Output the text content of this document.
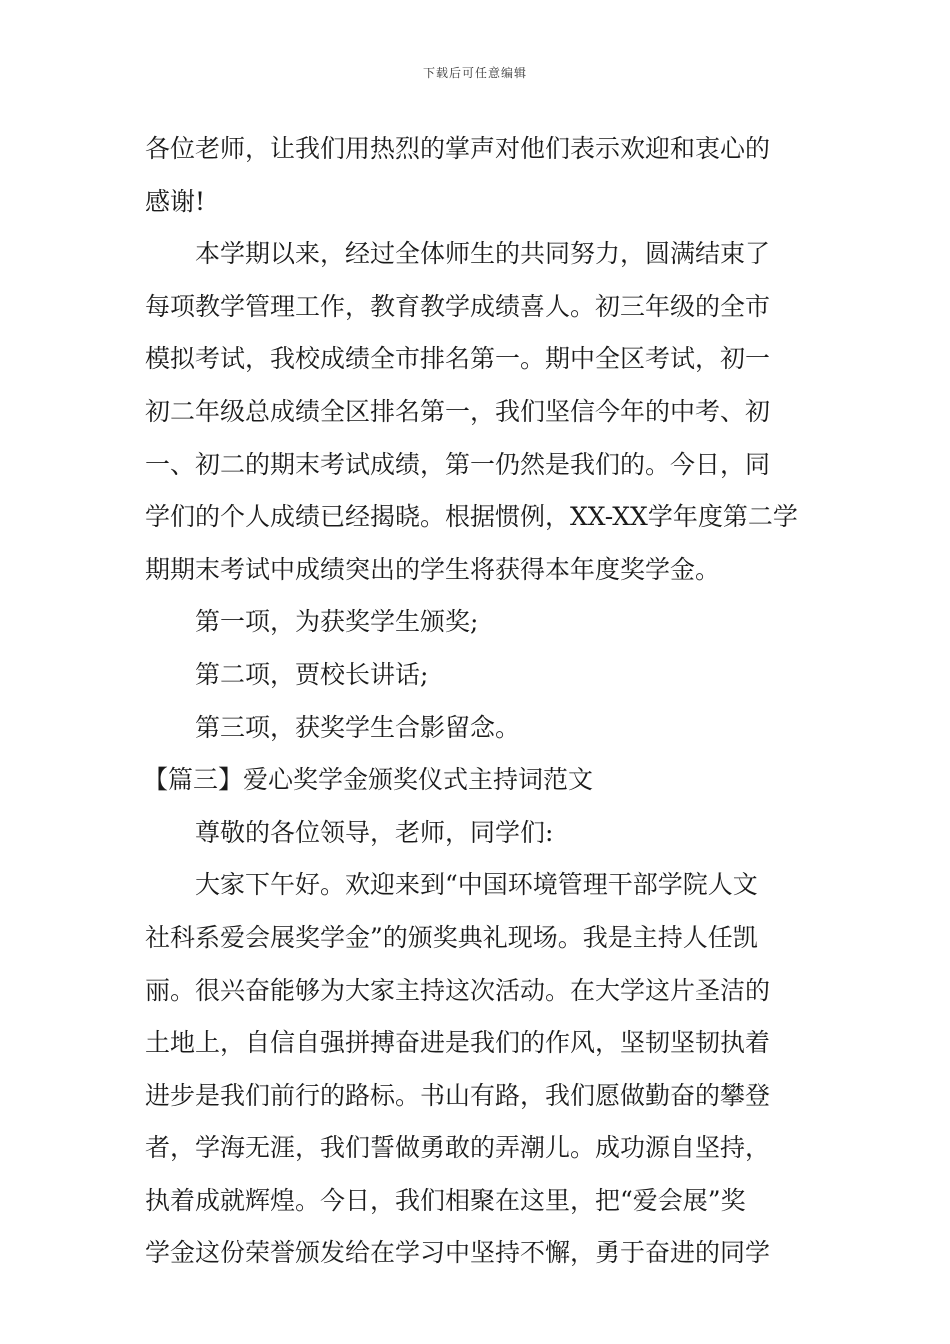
下载后可任意编辑
各位老师，让我们用热烈的掌声对他们表示欢迎和衷心的
感谢!
本学期以来，经过全体师生的共同努力，圆满结束了
每项教学管理工作，教育教学成绩喜人。初三年级的全市
模拟考试，我校成绩全市排名第一。期中全区考试，初一
初二年级总成绩全区排名第一，我们坚信今年的中考、初
一、初二的期末考试成绩，第一仍然是我们的。今日，同
学们的个人成绩已经揭晓。根据惯例，XX-XX学年度第二学
期期末考试中成绩突出的学生将获得本年度奖学金。
第一项，为获奖学生颁奖;
第二项，贾校长讲话;
第三项，获奖学生合影留念。
【篇三】爱心奖学金颁奖仪式主持词范文
尊敬的各位领导，老师，同学们:
大家下午好。欢迎来到“中国环境管理干部学院人文
社科系爱会展奖学金”的颁奖典礼现场。我是主持人任凯
丽。很兴奋能够为大家主持这次活动。在大学这片圣洁的
土地上，自信自强拼搏奋进是我们的作风，坚韧坚韧执着
进步是我们前行的路标。书山有路，我们愿做勤奋的攀登
者，学海无涯，我们誓做勇敢的弄潮儿。成功源自坚持，
执着成就辉煌。今日，我们相聚在这里，把“爱会展”奖
学金这份荣誉颁发给在学习中坚持不懈，勇于奋进的同学
